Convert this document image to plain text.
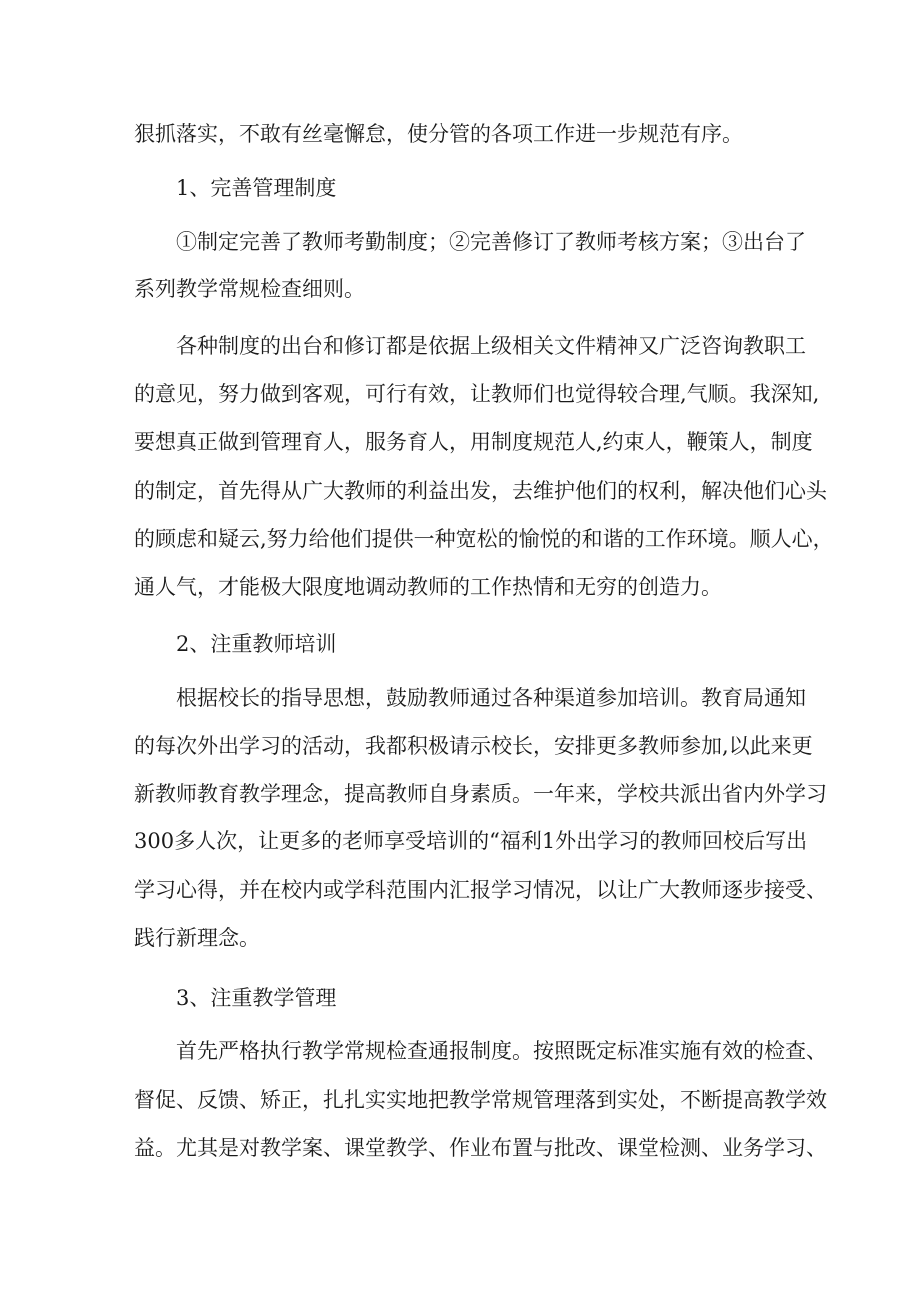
狠抓落实，不敢有丝毫懈怠，使分管的各项工作进一步规范有序。
1、完善管理制度
①制定完善了教师考勤制度；②完善修订了教师考核方案；③出台了
系列教学常规检查细则。
各种制度的出台和修订都是依据上级相关文件精神又广泛咨询教职工
的意见，努力做到客观，可行有效，让教师们也觉得较合理,气顺。我深知,
要想真正做到管理育人，服务育人，用制度规范人,约束人，鞭策人，制度
的制定，首先得从广大教师的利益出发，去维护他们的权利，解决他们心头
的顾虑和疑云,努力给他们提供一种宽松的愉悦的和谐的工作环境。顺人心，
通人气，才能极大限度地调动教师的工作热情和无穷的创造力。
2、注重教师培训
根据校长的指导思想，鼓励教师通过各种渠道参加培训。教育局通知
的每次外出学习的活动，我都积极请示校长，安排更多教师参加,以此来更
新教师教育教学理念，提高教师自身素质。一年来，学校共派出省内外学习
300多人次，让更多的老师享受培训的“福利1外出学习的教师回校后写出
学习心得，并在校内或学科范围内汇报学习情况，以让广大教师逐步接受、
践行新理念。
3、注重教学管理
首先严格执行教学常规检查通报制度。按照既定标准实施有效的检查、
督促、反馈、矫正，扎扎实实地把教学常规管理落到实处，不断提高教学效
益。尤其是对教学案、课堂教学、作业布置与批改、课堂检测、业务学习、
